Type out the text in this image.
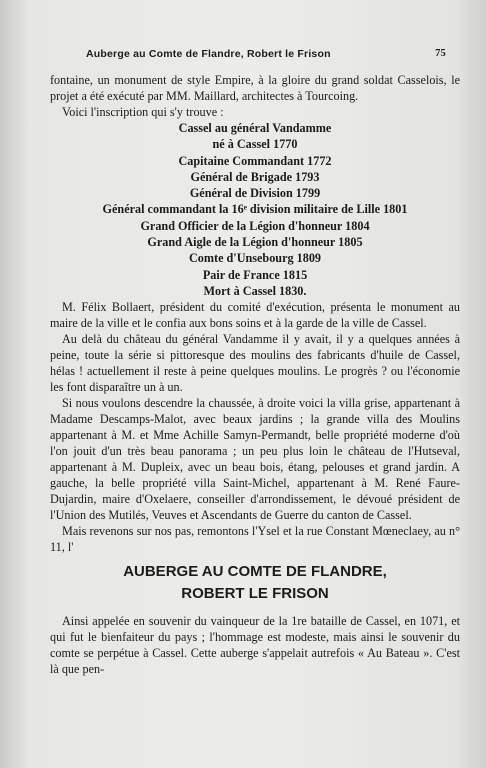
Auberge au Comte de Flandre, Robert le Frison	75

fontaine, un monument de style Empire, à la gloire du grand soldat Casselois, le projet a été exécuté par MM. Maillard, architectes à Tourcoing.

Voici l'inscription qui s'y trouve :

Cassel au général Vandamme
né à Cassel 1770
Capitaine Commandant 1772
Général de Brigade 1793
Général de Division 1799
Général commandant la 16ᵉ division militaire de Lille 1801
Grand Officier de la Légion d'honneur 1804
Grand Aigle de la Légion d'honneur 1805
Comte d'Unsebourg 1809
Pair de France 1815
Mort à Cassel 1830.

M. Félix Bollaert, président du comité d'exécution, présenta le monument au maire de la ville et le confia aux bons soins et à la garde de la ville de Cassel.

Au delà du château du général Vandamme il y avait, il y a quelques années à peine, toute la série si pittoresque des moulins des fabricants d'huile de Cassel, hélas ! actuellement il reste à peine quelques moulins. Le progrès ? ou l'économie les font disparaître un à un.

Si nous voulons descendre la chaussée, à droite voici la villa grise, appartenant à Madame Descamps-Malot, avec beaux jardins ; la grande villa des Moulins appartenant à M. et Mme Achille Samyn-Permandt, belle propriété moderne d'où l'on jouit d'un très beau panorama ; un peu plus loin le château de l'Hutseval, appartenant à M. Dupleix, avec un beau bois, étang, pelouses et grand jardin. A gauche, la belle propriété villa Saint-Michel, appartenant à M. René Faure-Dujardin, maire d'Oxelaere, conseiller d'arrondissement, le dévoué président de l'Union des Mutilés, Veuves et Ascendants de Guerre du canton de Cassel.

Mais revenons sur nos pas, remontons l'Ysel et la rue Constant Mœneclaey, au n° 11, l'

AUBERGE AU COMTE DE FLANDRE,
ROBERT LE FRISON

Ainsi appelée en souvenir du vainqueur de la 1re bataille de Cassel, en 1071, et qui fut le bienfaiteur du pays ; l'hommage est modeste, mais ainsi le souvenir du comte se perpétue à Cassel. Cette auberge s'appelait autrefois « Au Bateau ». C'est là que pen-
